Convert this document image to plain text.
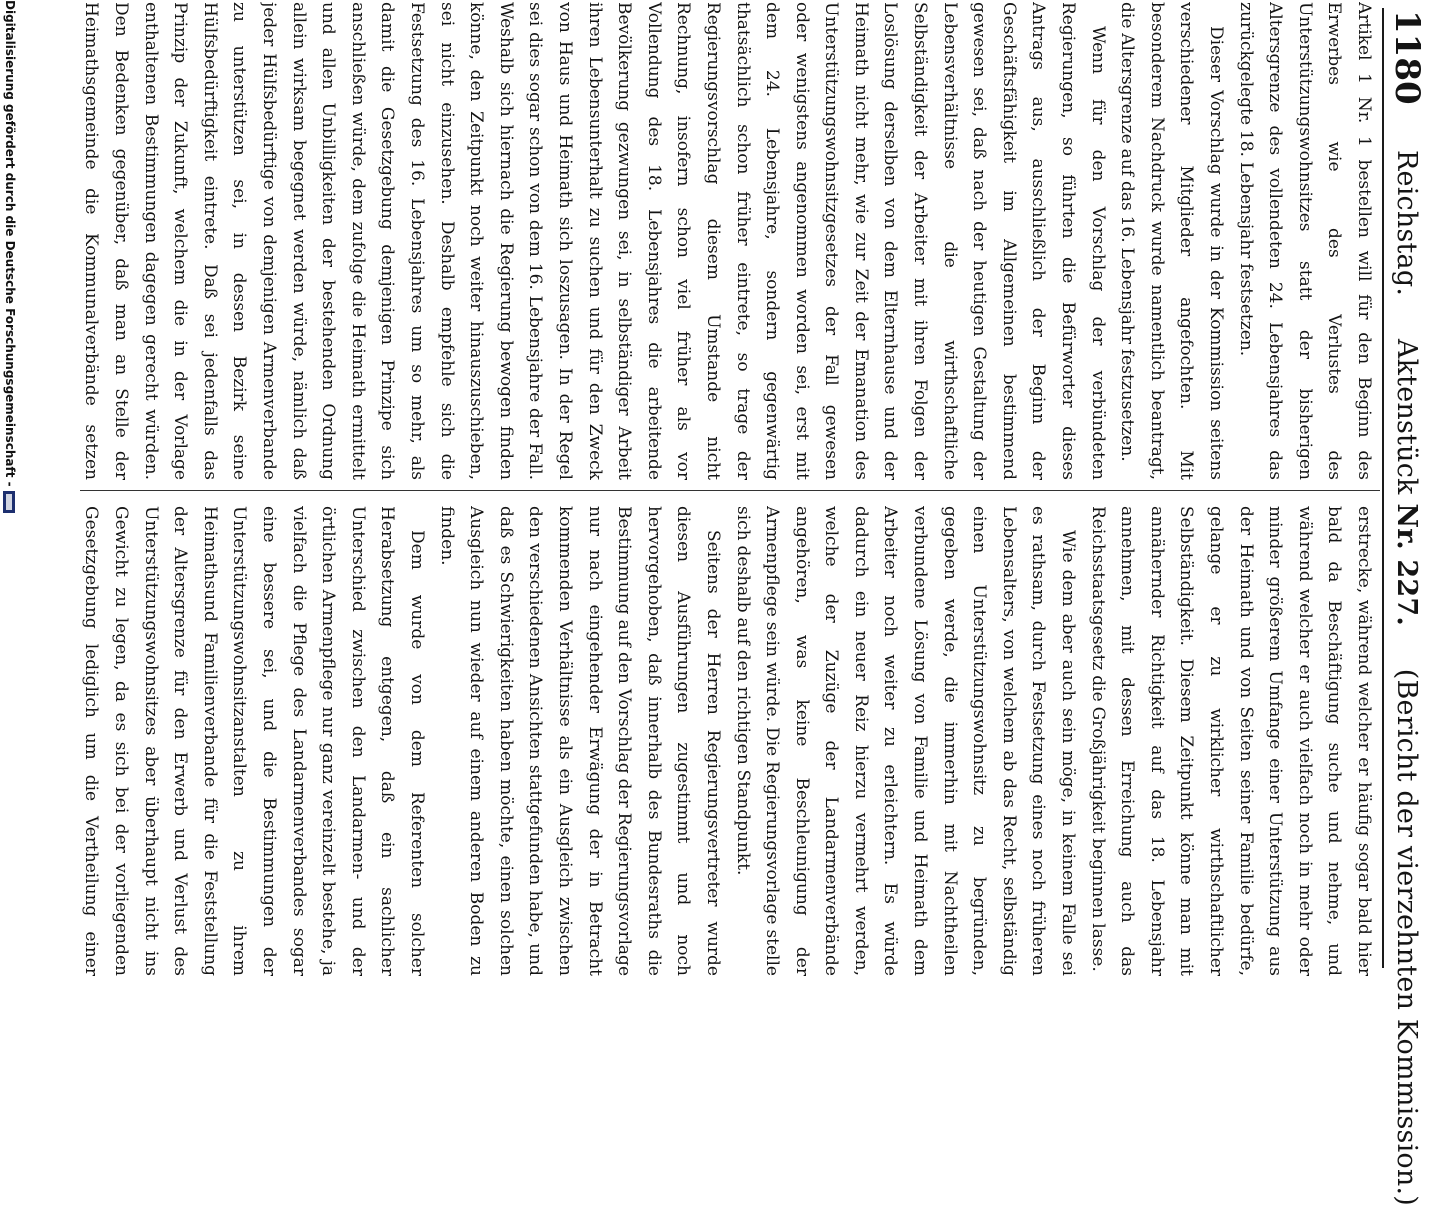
1180
Reichstag. Aktenstück Nr. 227. (Bericht der vierzehnten Kommission.)

Artikel 1 Nr. 1 bestellen will für den Beginn des Erwerbes wie des Verlustes des Unterstützungswohnsitzes statt der bisherigen Altersgrenze des vollendeten 24. Lebensjahres das zurückgelegte 18. Lebensjahr festsetzen.

Dieser Vorschlag wurde in der Kommission seitens verschiedener Mitglieder angefochten. Mit besonderem Nachdruck wurde namentlich beantragt, die Altersgrenze auf das 16. Lebensjahr festzusetzen.

Wenn für den Vorschlag der verbündeten Regierungen, so führten die Befürworter dieses Antrags aus, ausschließlich der Beginn der Geschäftsfähigkeit im Allgemeinen bestimmend gewesen sei, daß nach der heutigen Gestaltung der Lebensverhältnisse die wirthschaftliche Selbständigkeit der Arbeiter mit ihren Folgen der Loslösung derselben von dem Elternhause und der Heimath nicht mehr, wie zur Zeit der Emanation des Unterstützungswohnsitzgesetzes der Fall gewesen oder wenigstens angenommen worden sei, erst mit dem 24. Lebensjahre, sondern gegenwärtig thatsächlich schon früher eintrete, so trage der Regierungsvorschlag diesem Umstande nicht Rechnung, insofern schon viel früher als vor Vollendung des 18. Lebensjahres die arbeitende Bevölkerung gezwungen sei, in selbständiger Arbeit ihren Lebensunterhalt zu suchen und für den Zweck von Haus und Heimath sich loszusagen. In der Regel sei dies sogar schon von dem 16. Lebensjahre der Fall. Weshalb sich hiernach die Regierung bewogen finden könne, den Zeitpunkt noch weiter hinauszuschieben, sei nicht einzusehen. Deshalb empfehle sich die Festsetzung des 16. Lebensjahres um so mehr, als damit die Gesetzgebung demjenigen Prinzipe sich anschließen würde, dem zufolge die Heimath ermittelt und allen Unbilligkeiten der bestehenden Ordnung allein wirksam begegnet werden würde, nämlich daß jeder Hülfsbedürftige von demjenigen Armenverbande zu unterstützen sei, in dessen Bezirk seine Hülfsbedürftigkeit eintrete. Daß sei jedenfalls das Prinzip der Zukunft, welchem die in der Vorlage enthaltenen Bestimmungen dagegen gerecht würden. Den Bedenken gegenüber, daß man an Stelle der Heimathsgemeinde die Kommunalverbände setzen

erstrecke, während welcher er häufig sogar bald hier bald da Beschäftigung suche und nehme, und während welcher er auch vielfach noch in mehr oder minder größerem Umfange einer Unterstützung aus der Heimath und von Seiten seiner Familie bedürfe, gelange er zu wirklicher wirthschaftlicher Selbständigkeit. Diesem Zeitpunkt könne man mit annähernder Richtigkeit auf das 18. Lebensjahr annehmen, mit dessen Erreichung auch das Reichsstaatsgesetz die Großjährigkeit beginnen lasse.

Wie dem aber auch sein möge, in keinem Falle sei es rathsam, durch Festsetzung eines noch früheren Lebensalters, von welchem ab das Recht, selbständig einen Unterstützungswohnsitz zu begründen, gegeben werde, die immerhin mit Nachtheilen verbundene Lösung von Familie und Heimath dem Arbeiter noch weiter zu erleichtern. Es würde dadurch ein neuer Reiz hierzu vermehrt werden, welche der Zuzüge der Landarmenverbände angehören, was keine Beschleunigung der Armenpflege sein würde. Die Regierungsvorlage stelle sich deshalb auf den richtigen Standpunkt.

Seitens der Herren Regierungsvertreter wurde diesen Ausführungen zugestimmt und noch hervorgehoben, daß innerhalb des Bundesraths die Bestimmung auf den Vorschlag der Regierungsvorlage nur nach eingehender Erwägung der in Betracht kommenden Verhältnisse als ein Ausgleich zwischen den verschiedenen Ansichten stattgefunden habe, und daß es Schwierigkeiten haben möchte, einen solchen Ausgleich nun wieder auf einem anderen Boden zu finden.

Dem wurde von dem Referenten solcher Herabsetzung entgegen, daß ein sachlicher Unterschied zwischen den Landarmen- und der örtlichen Armenpflege nur ganz vereinzelt bestehe, ja vielfach die Pflege des Landarmenverbandes sogar eine bessere sei, und die Bestimmungen der Unterstützungswohnsitzanstalten zu ihrem Heimathsund Familienverbande für die Feststellung der Altersgrenze für den Erwerb und Verlust des Unterstützungswohnsitzes aber überhaupt nicht ins Gewicht zu legen, da es sich bei der vorliegenden Gesetzgebung lediglich um die Vertheilung einer

Digitalisierung gefördert durch die Deutsche Forschungsgemeinschaft -
